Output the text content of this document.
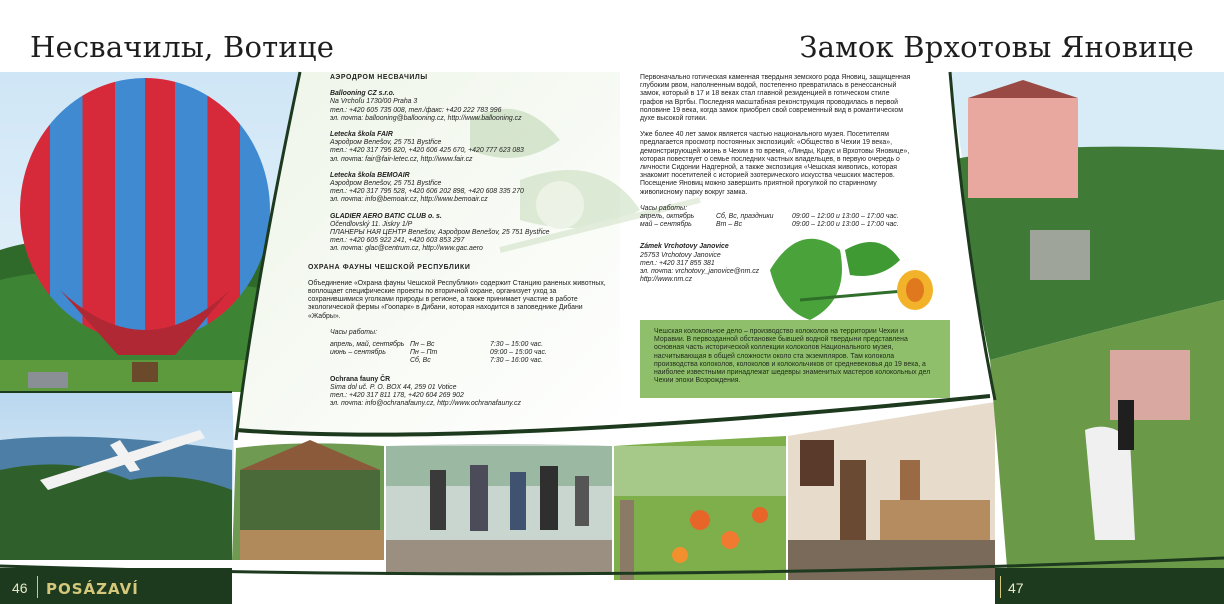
Несвачилы, Вотице	Замок Врхотовы Яновице
АЭРОДРОМ НЕСВАЧИЛЫ
Ballooning CZ s.r.o.
Na Vrchoľu 1730/00 Praha 3
тел.: +420 605 735 008, тел./факс: +420 222 783 996
эл. почта: ballooning@ballooning.cz, http://www.ballooning.cz
Letecka škola FAIR
Аэродром Benešov, 25 751 Bystřice
тел.: +420 317 795 820, +420 606 425 670, +420 777 623 083
эл. почта: fair@fair-letec.cz, http://www.fair.cz
Letecka škola BEMOAIR
Аэродром Benešov, 25 751 Bystřice
тел.: +420 317 795 528, +420 606 202 898, +420 608 335 270
эл. почта: info@bemoair.cz, http://www.bemoair.cz
GLADIER AERO BATIC CLUB o. s.
Očendlovský 11. Jiskry 1/P
ПЛАНЕРЫ НАЯ ЦЕНТР Benešov, Аэродром Benešov, 25 751 Bystřice
тел.: +420 605 922 241, +420 603 853 297
эл. почта: glac@centrum.cz, http://www.gac.aero
ОХРАНА ФАУНЫ ЧЕШСКОЙ РЕСПУБЛИКИ

Объединение «Охрана фауны Чешской Республики» содержит Станцию раненых животных, воплощает специфические проекты по вторичной охране, организует уход за сохранившимися уголками природы в регионе, а также принимает участие в работе экологической фермы «Гоопарк» в Дибани, которая находится в заповеднике Дибани «Жабры».

Часы работы:
апрель, май, сентябрь Пн – Вс	7:30 – 15:00 час.
июнь – сентябрь	Пн – Пт	09:00 – 15:00 час.
Сб, Вс	7:30 – 16:00 час.
Ochrana fauny ČR
Sima dol uč. P. O. BOX 44, 259 01 Votice
тел.: +420 317 811 178, +420 604 269 902
эл. почта: info@ochranafauny.cz, http://www.ochranafauny.cz

Первоначально готическая каменная твердыня земского рода Яновиц, защищенная глубоким рвом, наполненным водой, постепенно превратилась в ренессансный замок, который в 17 и 18 веках стал главной резиденцией в готическом стиле графов на Вртбы. Последняя масштабная реконструкция проводилась в первой половине 19 века, когда замок приобрел свой современный вид в романтическом духе высокой готики.

Уже более 40 лет замок является частью национального музея. Посетителям предлагается просмотр постоянных экспозиций: «Общество в Чехии 19 века», демонстрирующей жизнь в Чехии в то время, «Линды, Краус и Врхотовы Яновице», которая повествует о семье последних частных владельцев, в первую очередь о личности Сидонии Надгерной, а также экспозиция «Чешская живопись, которая знакомит посетителей с историей эзотерического искусства чешских мастеров. Посещение Яновиц можно завершить приятной прогулкой по старинному живописному парку вокруг замка.

Часы работы:
апрель, октябрь	Сб, Вс, праздники	09:00 – 12:00 и 13:00 – 17:00 час.
май – сентябрь	Вт – Вс	09:00 – 12:00 и 13:00 – 17:00 час.
Zámek Vrchotovy Janovice
25753 Vrchotovy Janovice
тел.: +420 317 855 381
эл. почта: vrchotovy_janovice@nm.cz
http://www.nm.cz
Чешская колокольное дело – производство колоколов на территории Чехии и Моравии. В первозданной обстановке бывшей водной твердыни представлена основная часть исторической коллекции колоколов Национального музея, насчитывающая в общей сложности около ста экземпляров. Там колокола производства колоколов, колоколов и колокольчиков от средневековья до 19 века, а наиболее известными принадлежат шедевры знаменитых мастеров колокольных дел Чехии эпохи Возрождения.
46 POSÁZAVÍ	47
